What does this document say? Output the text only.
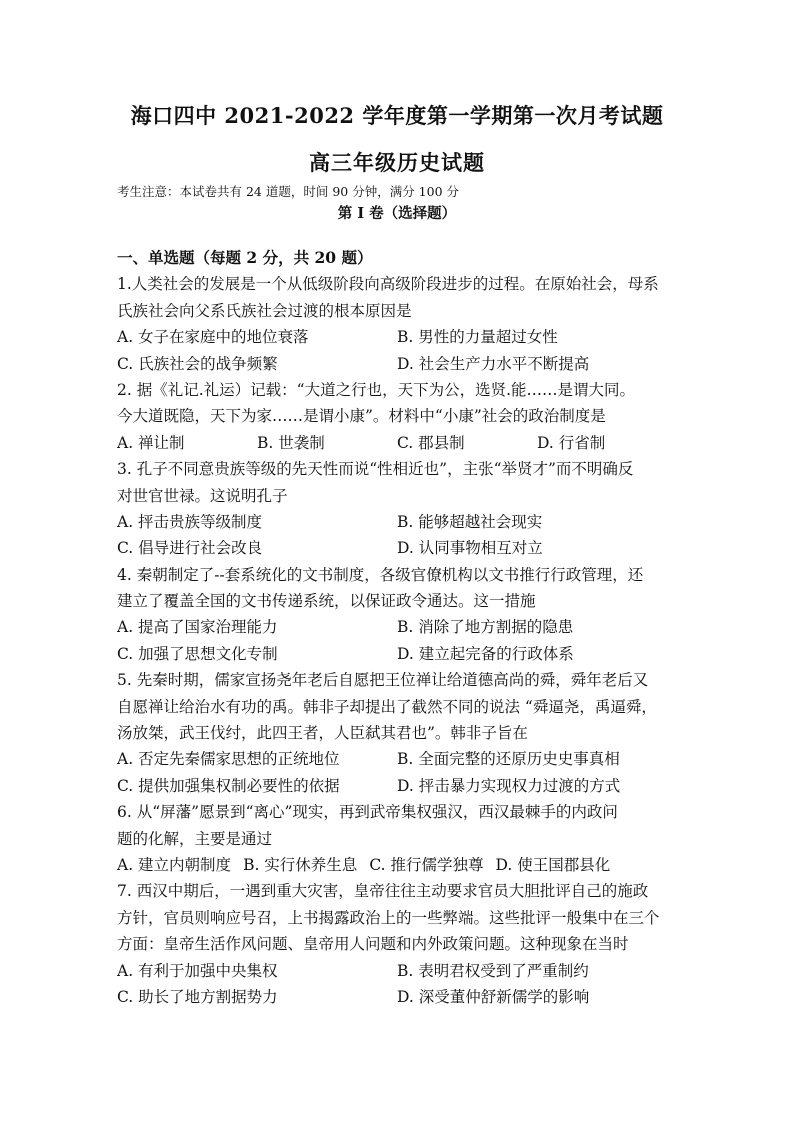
海口四中 2021-2022 学年度第一学期第一次月考试题
高三年级历史试题
考生注意：本试卷共有 24 道题，时间 90 分钟，满分 100 分
第 I 卷（选择题）
一、单选题（每题 2 分，共 20 题）
1.人类社会的发展是一个从低级阶段向高级阶段进步的过程。在原始社会，母系
氏族社会向父系氏族社会过渡的根本原因是
A. 女子在家庭中的地位衰落	B. 男性的力量超过女性
C. 氏族社会的战争频繁	D. 社会生产力水平不断提高
2. 据《礼记.礼运）记载：“大道之行也，天下为公，选贤.能……是谓大同。
今大道既隐，天下为家……是谓小康”。材料中“小康”社会的政治制度是
A. 禅让制	B. 世袭制	C. 郡县制	D. 行省制
3. 孔子不同意贵族等级的先天性而说“性相近也”，主张“举贤才”而不明确反
对世官世禄。这说明孔子
A. 抨击贵族等级制度	B. 能够超越社会现实
C. 倡导进行社会改良	D. 认同事物相互对立
4. 秦朝制定了--套系统化的文书制度，各级官僚机构以文书推行行政管理，还
建立了覆盖全国的文书传递系统，以保证政令通达。这一措施
A. 提高了国家治理能力	B. 消除了地方割据的隐患
C. 加强了思想文化专制	D. 建立起完备的行政体系
5. 先秦时期，儒家宣扬尧年老后自愿把王位禅让给道德高尚的舜，舜年老后又
自愿禅让给治水有功的禹。韩非子却提出了截然不同的说法 “舜逼尧，禹逼舜，
汤放桀，武王伐纣，此四王者，人臣弑其君也”。韩非子旨在
A. 否定先秦儒家思想的正统地位	B. 全面完整的还原历史史事真相
C. 提供加强集权制必要性的依据	D. 抨击暴力实现权力过渡的方式
6. 从“屏藩”愿景到“离心”现实，再到武帝集权强汉，西汉最棘手的内政问
题的化解，主要是通过
A. 建立内朝制度 B. 实行休养生息 C. 推行儒学独尊 D. 使王国郡县化
7. 西汉中期后，一遇到重大灾害，皇帝往往主动要求官员大胆批评自己的施政
方针，官员则响应号召，上书揭露政治上的一些弊端。这些批评一般集中在三个
方面：皇帝生活作风问题、皇帝用人问题和内外政策问题。这种现象在当时
A. 有利于加强中央集权	B. 表明君权受到了严重制约
C. 助长了地方割据势力	D. 深受董仲舒新儒学的影响
